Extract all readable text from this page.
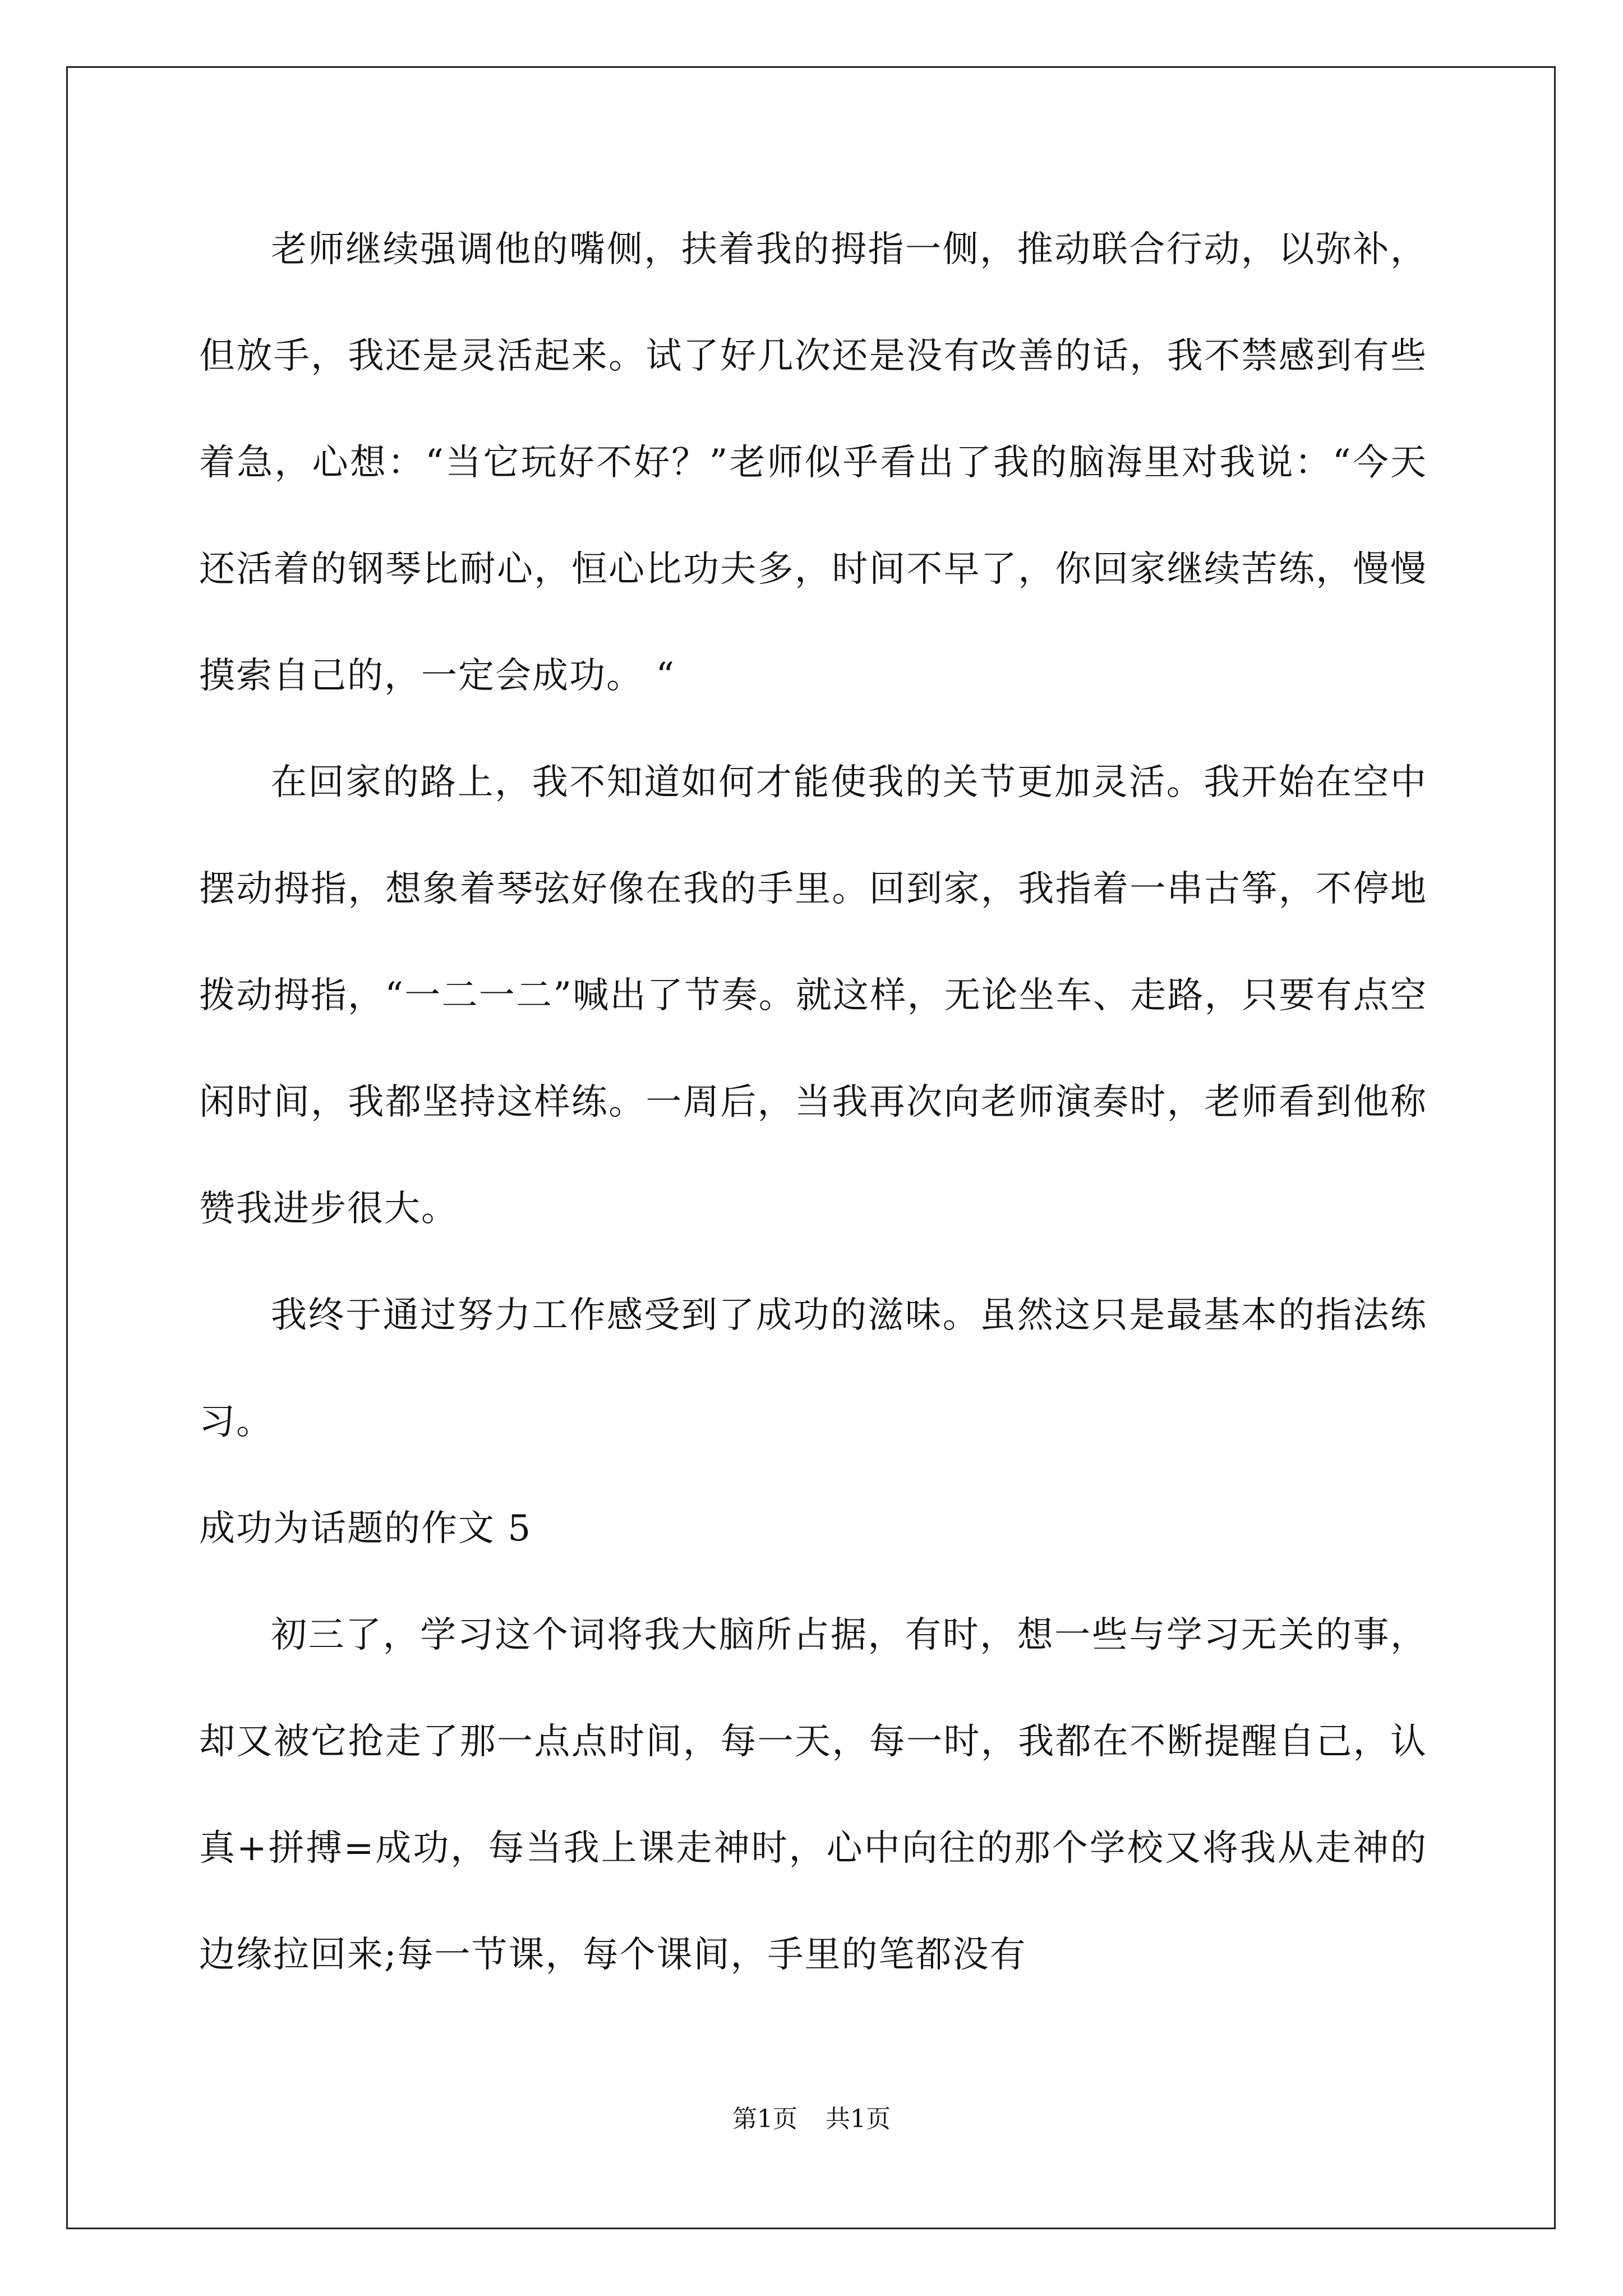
老师继续强调他的嘴侧，扶着我的拇指一侧，推动联合行动，以弥补，但放手，我还是灵活起来。试了好几次还是没有改善的话，我不禁感到有些着急，心想：“当它玩好不好？”老师似乎看出了我的脑海里对我说：“今天还活着的钢琴比耐心，恒心比功夫多，时间不早了，你回家继续苦练，慢慢摸索自己的，一定会成功。 “

在回家的路上，我不知道如何才能使我的关节更加灵活。我开始在空中摆动拇指，想象着琴弦好像在我的手里。回到家，我指着一串古筝，不停地拨动拇指，“一二一二”喊出了节奏。就这样，无论坐车、走路，只要有点空闲时间，我都坚持这样练。一周后，当我再次向老师演奏时，老师看到他称赞我进步很大。

我终于通过努力工作感受到了成功的滋味。虽然这只是最基本的指法练习。

成功为话题的作文 5

初三了，学习这个词将我大脑所占据，有时，想一些与学习无关的事，却又被它抢走了那一点点时间，每一天，每一时，我都在不断提醒自己，认真+拼搏=成功，每当我上课走神时，心中向往的那个学校又将我从走神的边缘拉回来;每一节课，每个课间，手里的笔都没有

第1页 共1页
